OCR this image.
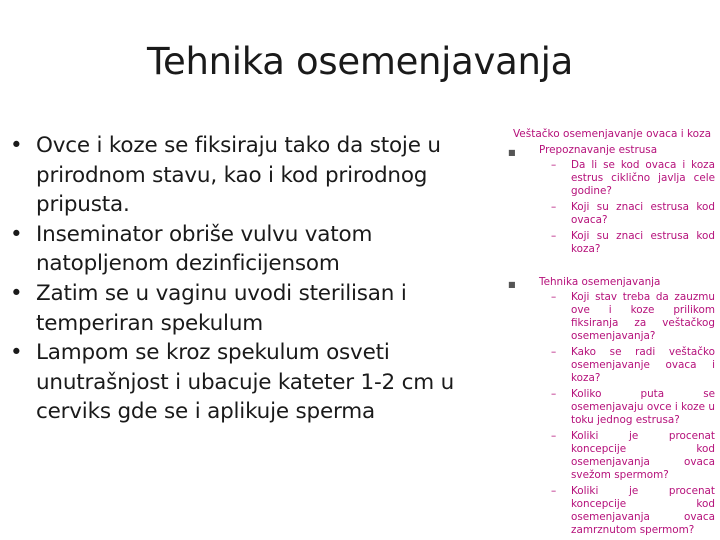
Tehnika osemenjavanja
• Ovce i koze se fiksiraju tako da stoje u prirodnom stavu, kao i kod prirodnog pripusta.
• Inseminator obriše vulvu vatom natopljenom dezinficijensom
• Zatim se u vaginu uvodi sterilisan i temperiran spekulum
• Lampom se kroz spekulum osveti unutrašnjost i ubacuje kateter 1-2 cm u cerviks gde se i aplikuje sperma
Veštačko osemenjavanje ovaca i koza
■ Prepoznavanje estrusa
– Da li se kod ovaca i koza estrus ciklično javlja cele godine?
– Koji su znaci estrusa kod ovaca?
– Koji su znaci estrusa kod koza?
■ Tehnika osemenjavanja
– Koji stav treba da zauzmu ove i koze prilikom fiksiranja za veštačkog osemenjavanja?
– Kako se radi veštačko osemenjavanje ovaca i koza?
– Koliko puta se osemenjavaju ovce i koze u toku jednog estrusa?
– Koliki je procenat koncepcije kod osemenjavanja ovaca svežom spermom?
– Koliki je procenat koncepcije kod osemenjavanja ovaca zamrznutom spermom?
